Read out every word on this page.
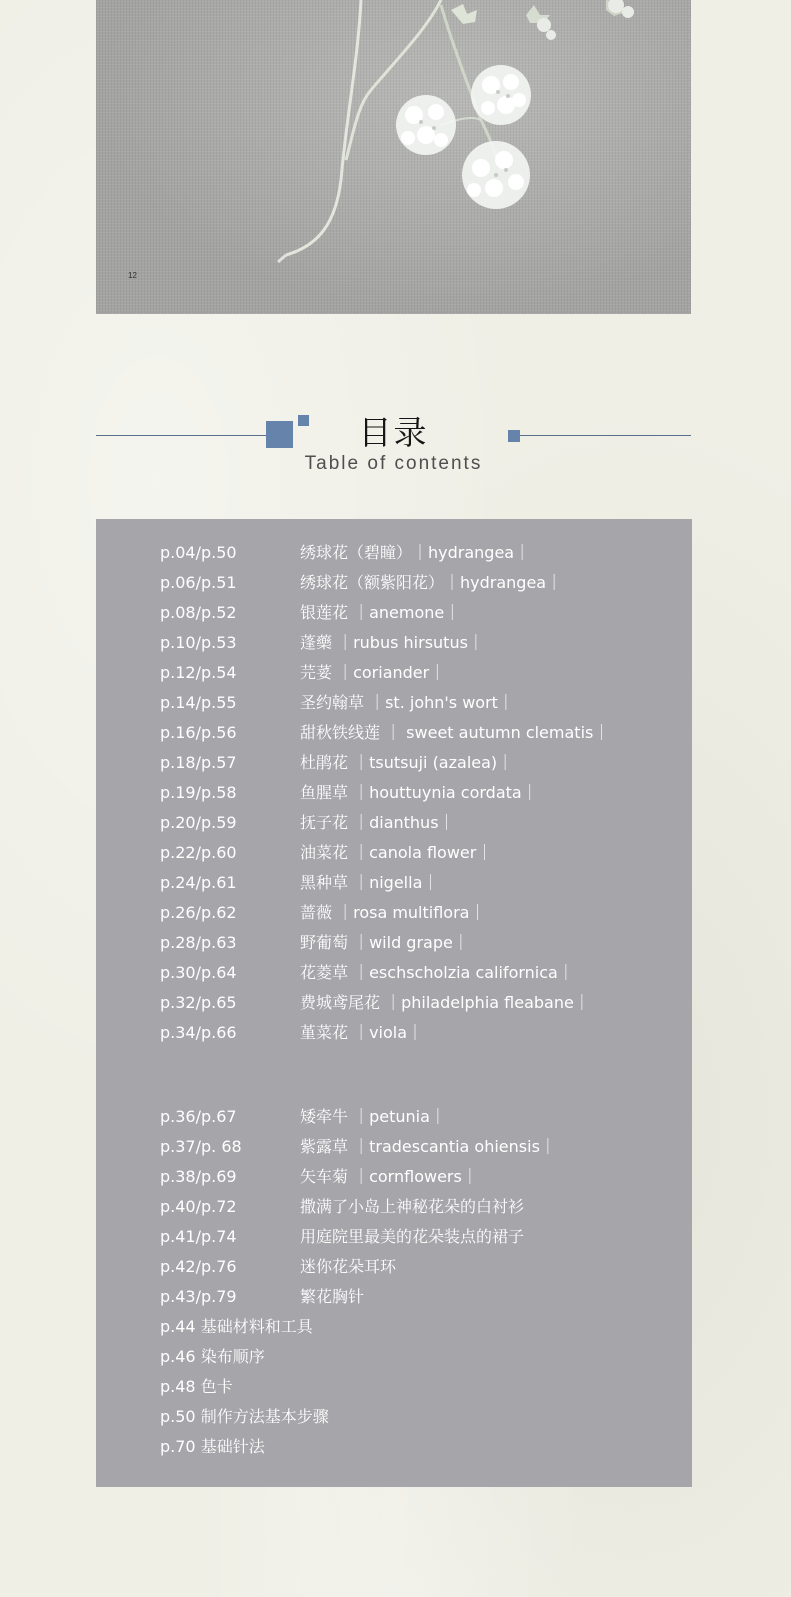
12
目录
Table of contents
p.04/p.50	绣球花（碧瞳）｜hydrangea｜
p.06/p.51	绣球花（额紫阳花）｜hydrangea｜
p.08/p.52	银莲花 ｜anemone｜
p.10/p.53	蓬藥 ｜rubus hirsutus｜
p.12/p.54	芫荽 ｜coriander｜
p.14/p.55	圣约翰草 ｜st. john's wort｜
p.16/p.56	甜秋铁线莲 ｜ sweet autumn clematis｜
p.18/p.57	杜鹃花 ｜tsutsuji (azalea)｜
p.19/p.58	鱼腥草 ｜houttuynia cordata｜
p.20/p.59	抚子花 ｜dianthus｜
p.22/p.60	油菜花 ｜canola flower｜
p.24/p.61	黑种草 ｜nigella｜
p.26/p.62	蔷薇 ｜rosa multiflora｜
p.28/p.63	野葡萄 ｜wild grape｜
p.30/p.64	花菱草 ｜eschscholzia californica｜
p.32/p.65	费城鸢尾花 ｜philadelphia fleabane｜
p.34/p.66	堇菜花 ｜viola｜
p.36/p.67	矮牵牛 ｜petunia｜
p.37/p. 68	紫露草 ｜tradescantia ohiensis｜
p.38/p.69	矢车菊 ｜cornflowers｜
p.40/p.72	撒满了小岛上神秘花朵的白衬衫
p.41/p.74	用庭院里最美的花朵装点的裙子
p.42/p.76	迷你花朵耳环
p.43/p.79	繁花胸针
p.44 基础材料和工具
p.46 染布顺序
p.48 色卡
p.50 制作方法基本步骤
p.70 基础针法
